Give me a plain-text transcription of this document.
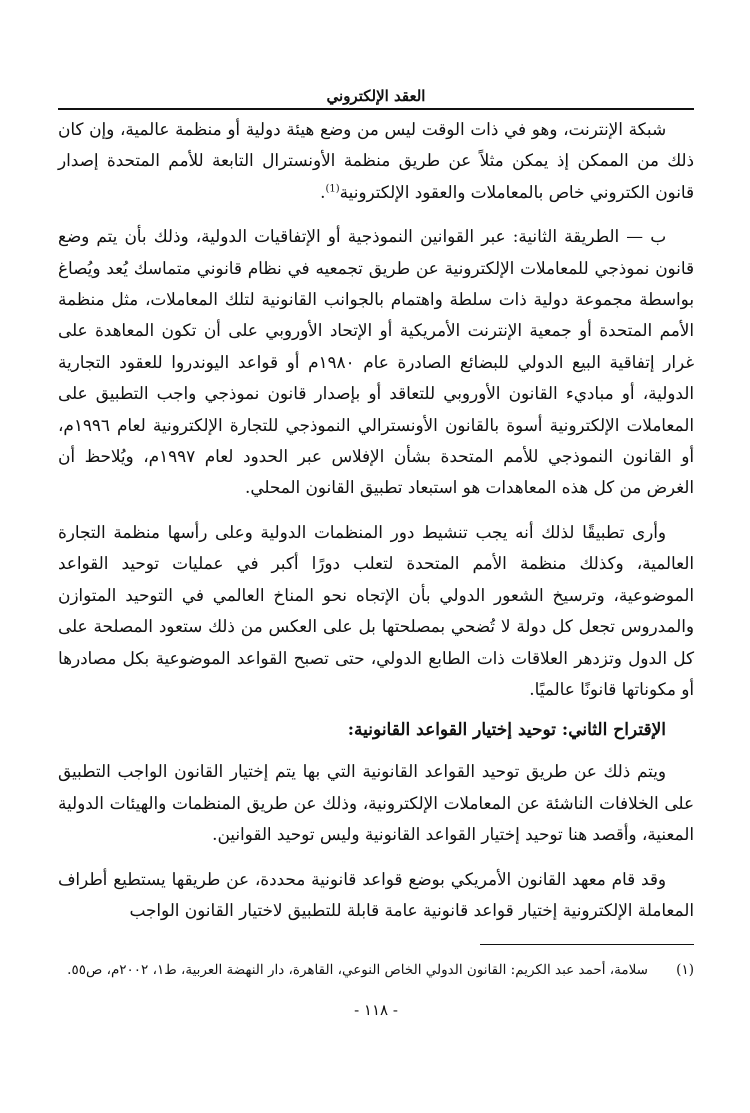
العقد الإلكتروني

شبكة الإنترنت، وهو في ذات الوقت ليس من وضع هيئة دولية أو منظمة عالمية، وإن كان ذلك من الممكن إذ يمكن مثلاً عن طريق منظمة الأونسترال التابعة للأمم المتحدة إصدار قانون الكتروني خاص بالمعاملات والعقود الإلكترونية$^{(1)}$.

ب — الطريقة الثانية: عبر القوانين النموذجية أو الإتفاقيات الدولية، وذلك بأن يتم وضع قانون نموذجي للمعاملات الإلكترونية عن طريق تجمعيه في نظام قانوني متماسك يُعد ويُصاغ بواسطة مجموعة دولية ذات سلطة واهتمام بالجوانب القانونية لتلك المعاملات، مثل منظمة الأمم المتحدة أو جمعية الإنترنت الأمريكية أو الإتحاد الأوروبي على أن تكون المعاهدة على غرار إتفاقية البيع الدولي للبضائع الصادرة عام ١٩٨٠م أو قواعد اليوندروا للعقود التجارية الدولية، أو مباديء القانون الأوروبي للتعاقد أو بإصدار قانون نموذجي واجب التطبيق على المعاملات الإلكترونية أسوة بالقانون الأونسترالي النموذجي للتجارة الإلكترونية لعام ١٩٩٦م، أو القانون النموذجي للأمم المتحدة بشأن الإفلاس عبر الحدود لعام ١٩٩٧م، ويُلاحظ أن الغرض من كل هذه المعاهدات هو استبعاد تطبيق القانون المحلي.

وأرى تطبيقًا لذلك أنه يجب تنشيط دور المنظمات الدولية وعلى رأسها منظمة التجارة العالمية، وكذلك منظمة الأمم المتحدة لتعلب دورًا أكبر في عمليات توحيد القواعد الموضوعية، وترسيخ الشعور الدولي بأن الإتجاه نحو المناخ العالمي في التوحيد المتوازن والمدروس تجعل كل دولة لا تُضحي بمصلحتها بل على العكس من ذلك ستعود المصلحة على كل الدول وتزدهر العلاقات ذات الطابع الدولي، حتى تصبح القواعد الموضوعية بكل مصادرها أو مكوناتها قانونًا عالميًا.

الإقتراح الثاني: توحيد إختيار القواعد القانونية:

ويتم ذلك عن طريق توحيد القواعد القانونية التي بها يتم إختيار القانون الواجب التطبيق على الخلافات الناشئة عن المعاملات الإلكترونية، وذلك عن طريق المنظمات والهيئات الدولية المعنية، وأقصد هنا توحيد إختيار القواعد القانونية وليس توحيد القوانين.

وقد قام معهد القانون الأمريكي بوضع قواعد قانونية محددة، عن طريقها يستطيع أطراف المعاملة الإلكترونية إختيار قواعد قانونية عامة قابلة للتطبيق لاختيار القانون الواجب

(١)
سلامة، أحمد عبد الكريم: القانون الدولي الخاص النوعي، القاهرة، دار النهضة العربية، ط١، ٢٠٠٢م، ص٥٥.
- ١١٨ -
